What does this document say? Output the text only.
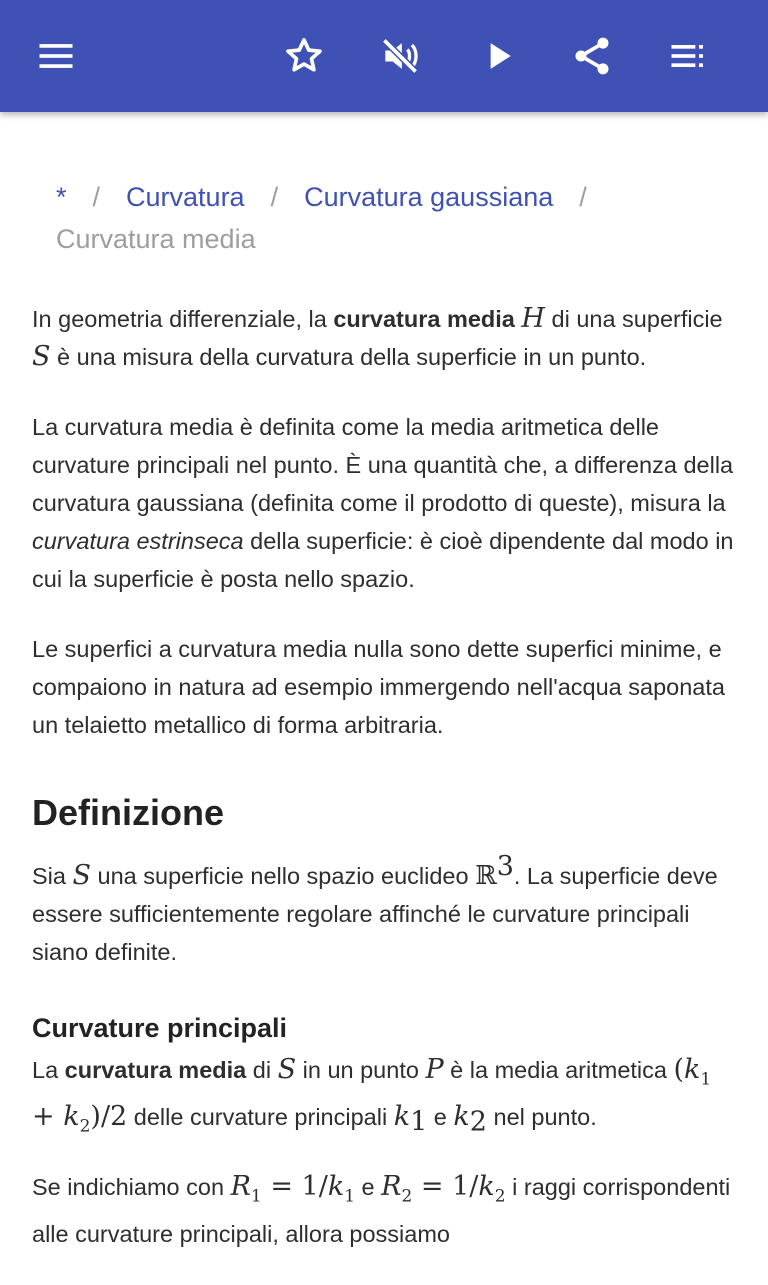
* / Curvatura / Curvatura gaussiana /
Curvatura media

In geometria differenziale, la curvatura media H di una superficie S è una misura della curvatura della superficie in un punto.

La curvatura media è definita come la media aritmetica delle curvature principali nel punto. È una quantità che, a differenza della curvatura gaussiana (definita come il prodotto di queste), misura la curvatura estrinseca della superficie: è cioè dipendente dal modo in cui la superficie è posta nello spazio.

Le superfici a curvatura media nulla sono dette superfici minime, e compaiono in natura ad esempio immergendo nell'acqua saponata un telaietto metallico di forma arbitraria.

Definizione

Sia S una superficie nello spazio euclideo ℝ$^3$. La superficie deve essere sufficientemente regolare affinché le curvature principali siano definite.

Curvature principali

La curvatura media di S in un punto P è la media aritmetica $(k_1 + k_2)/2$ delle curvature principali $k_1$ e $k_2$ nel punto.

Se indichiamo con $R_1 = 1/k_1$ e $R_2 = 1/k_2$ i raggi corrispondenti alle curvature principali, allora possiamo
